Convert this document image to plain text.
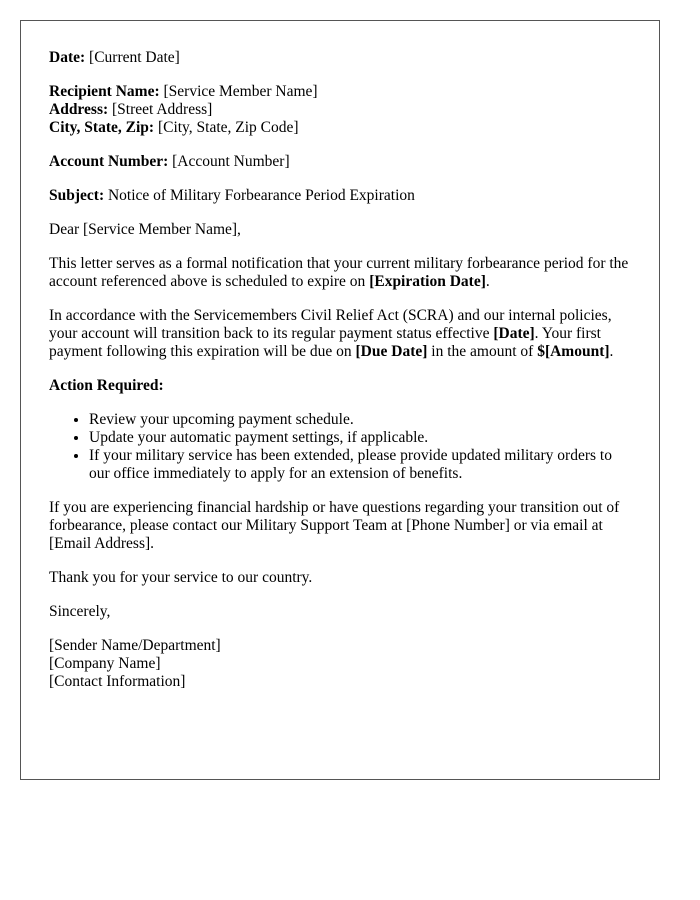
Date: [Current Date]

Recipient Name: [Service Member Name]

Address: [Street Address]

City, State, Zip: [City, State, Zip Code]

Account Number: [Account Number]

Subject: Notice of Military Forbearance Period Expiration

Dear [Service Member Name],

This letter serves as a formal notification that your current military forbearance period for the account referenced above is scheduled to expire on [Expiration Date].

In accordance with the Servicemembers Civil Relief Act (SCRA) and our internal policies, your account will transition back to its regular payment status effective [Date]. Your first payment following this expiration will be due on [Due Date] in the amount of $[Amount].

Action Required:

• Review your upcoming payment schedule.
• Update your automatic payment settings, if applicable.
• If your military service has been extended, please provide updated military orders to our office immediately to apply for an extension of benefits.

If you are experiencing financial hardship or have questions regarding your transition out of forbearance, please contact our Military Support Team at [Phone Number] or via email at [Email Address].

Thank you for your service to our country.

Sincerely,

[Sender Name/Department]

[Company Name]

[Contact Information]
